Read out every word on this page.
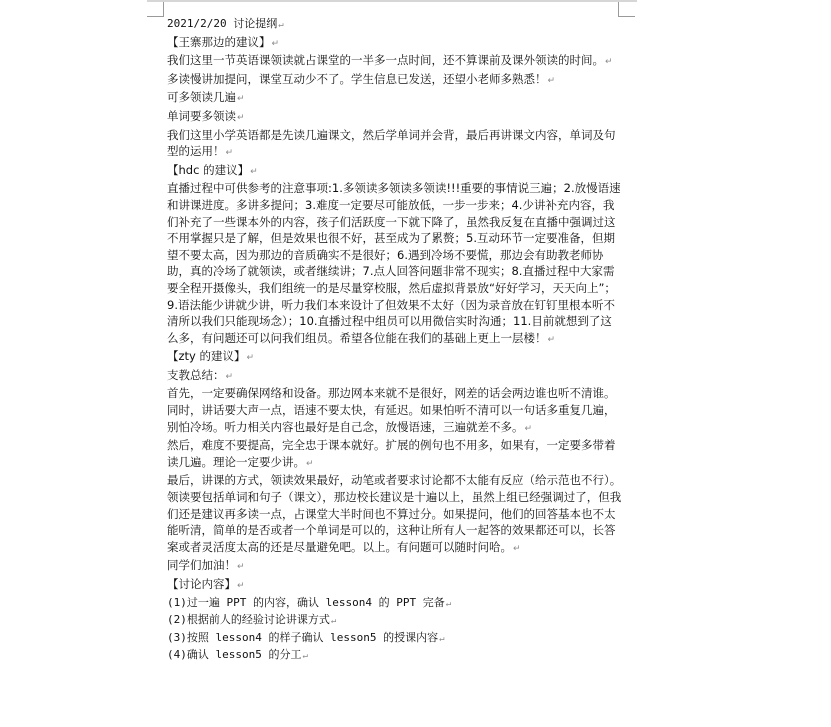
2021/2/20 讨论提纲↵

【王寨那边的建议】↵

我们这里一节英语课领读就占课堂的一半多一点时间，还不算课前及课外领读的时间。↵

多读慢讲加提问，课堂互动少不了。学生信息已发送，还望小老师多熟悉！↵

可多领读几遍↵

单词要多领读↵

我们这里小学英语都是先读几遍课文，然后学单词并会背，最后再讲课文内容，单词及句型的运用！↵

【hdc 的建议】↵

直播过程中可供参考的注意事项:1.多领读多领读多领读!!!重要的事情说三遍；2.放慢语速和讲课进度。多讲多提问；3.难度一定要尽可能放低，一步一步来；4.少讲补充内容，我们补充了一些课本外的内容，孩子们活跃度一下就下降了，虽然我反复在直播中强调过这不用掌握只是了解，但是效果也很不好，甚至成为了累赘；5.互动环节一定要准备，但期望不要太高，因为那边的音质确实不是很好；6.遇到冷场不要慌，那边会有助教老师协助，真的冷场了就领读，或者继续讲；7.点人回答问题非常不现实；8.直播过程中大家需要全程开摄像头，我们组统一的是尽量穿校服，然后虚拟背景放“好好学习，天天向上”；9.语法能少讲就少讲，听力我们本来设计了但效果不太好（因为录音放在钉钉里根本听不清所以我们只能现场念）；10.直播过程中组员可以用微信实时沟通；11.目前就想到了这么多，有问题还可以问我们组员。希望各位能在我们的基础上更上一层楼！↵

【zty 的建议】↵

支教总结：↵

首先，一定要确保网络和设备。那边网本来就不是很好，网差的话会两边谁也听不清谁。同时，讲话要大声一点，语速不要太快，有延迟。如果怕听不清可以一句话多重复几遍，别怕冷场。听力相关内容也最好是自己念，放慢语速，三遍就差不多。↵

然后，难度不要提高，完全忠于课本就好。扩展的例句也不用多，如果有，一定要多带着读几遍。理论一定要少讲。↵

最后，讲课的方式，领读效果最好，动笔或者要求讨论都不太能有反应（给示范也不行）。领读要包括单词和句子（课文），那边校长建议是十遍以上，虽然上组已经强调过了，但我们还是建议再多读一点，占课堂大半时间也不算过分。如果提问，他们的回答基本也不太能听清，简单的是否或者一个单词是可以的，这种让所有人一起答的效果都还可以，长答案或者灵活度太高的还是尽量避免吧。以上。有问题可以随时问哈。↵

同学们加油！↵

【讨论内容】↵

(1)过一遍 PPT 的内容，确认 lesson4 的 PPT 完备↵

(2)根据前人的经验讨论讲课方式↵

(3)按照 lesson4 的样子确认 lesson5 的授课内容↵

(4)确认 lesson5 的分工↵
